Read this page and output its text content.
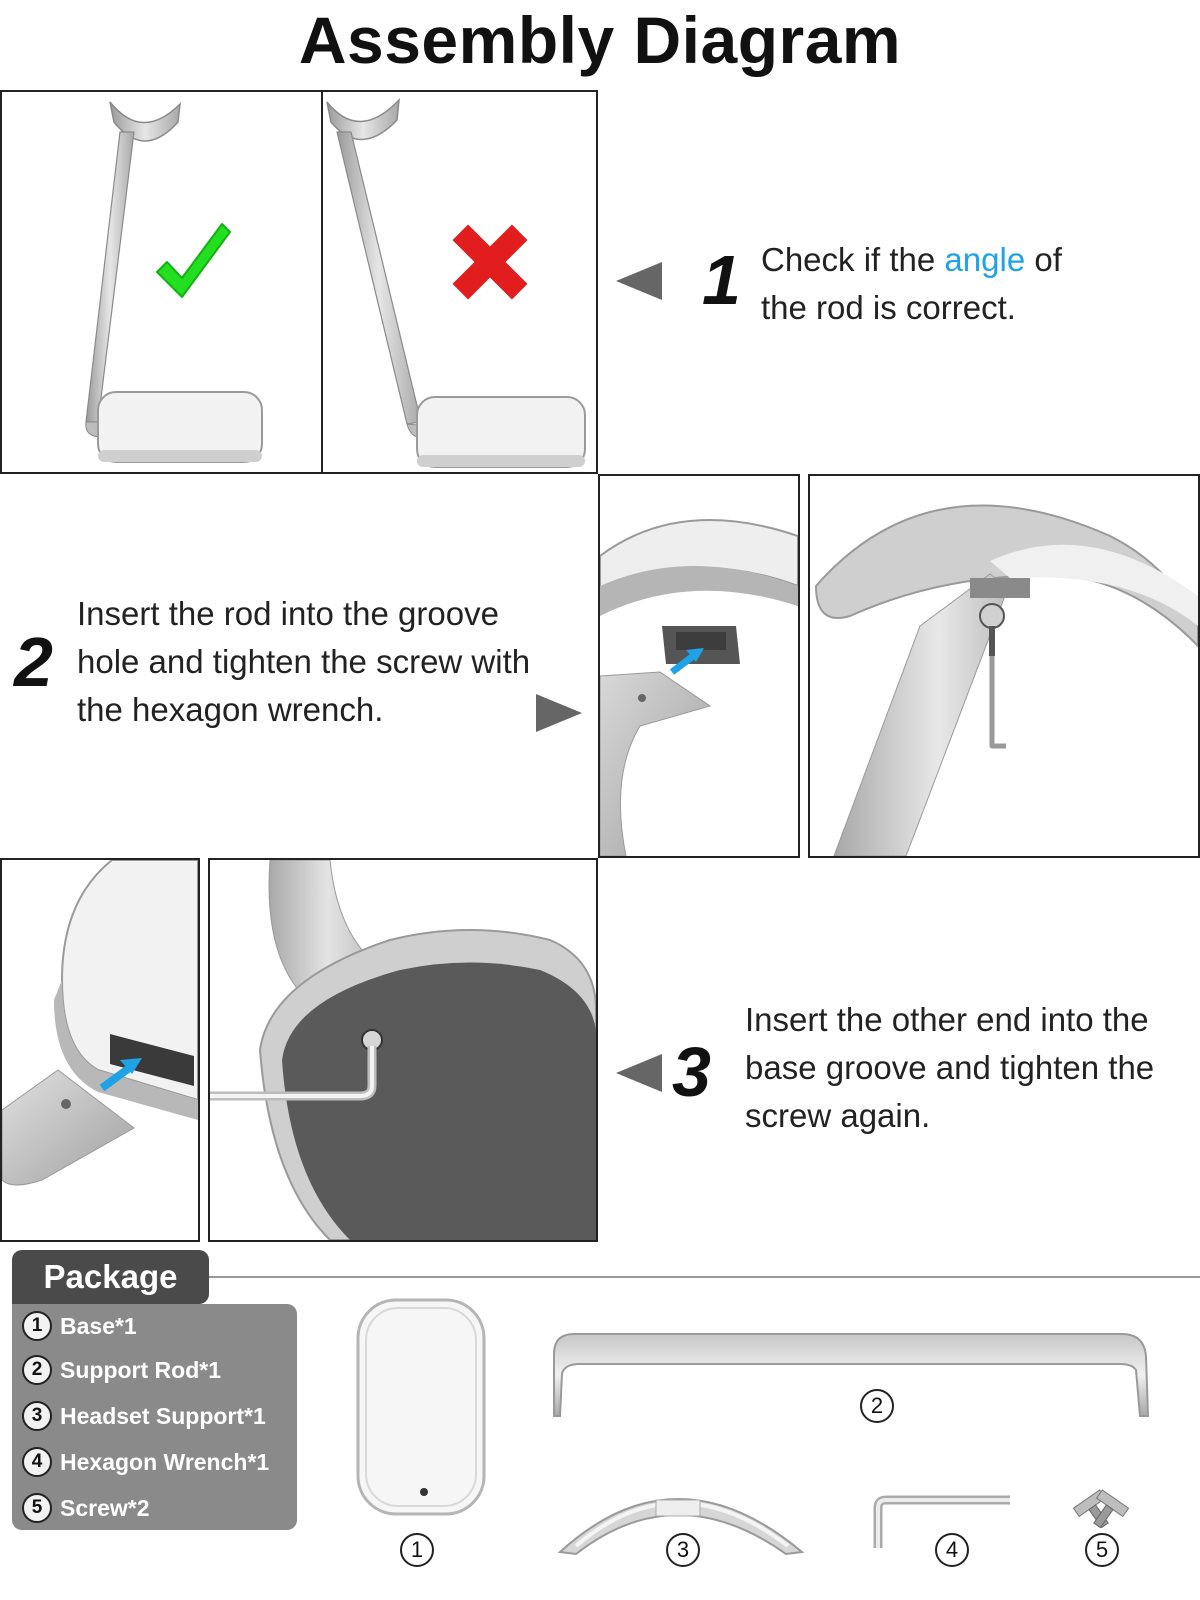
Assembly Diagram
1 Check if the angle of
the rod is correct.
2
Insert the rod into the groove
hole and tighten the screw with
the hexagon wrench.
3
Insert the other end into the
base groove and tighten the
screw again.
Package
1 Base*1
2 Support Rod*1
3 Headset Support*1
4 Hexagon Wrench*1
5 Screw*2
1
2
3	4	5
